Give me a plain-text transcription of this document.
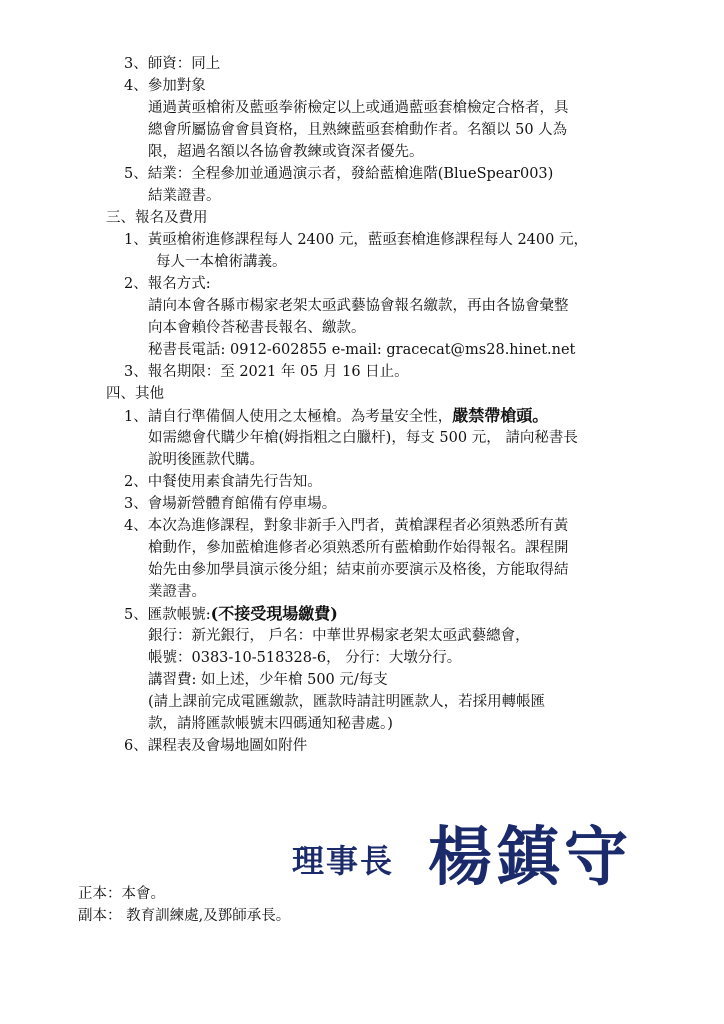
3、師資：同上
4、參加對象
通過黃亟槍術及藍亟拳術檢定以上或通過藍亟套槍檢定合格者，具
總會所屬協會會員資格，且熟練藍亟套槍動作者。名額以 50 人為
限，超過名額以各協會教練或資深者優先。
5、結業：全程參加並通過演示者，發給藍槍進階(BlueSpear003)
結業證書。
三、報名及費用
1、黃亟槍術進修課程每人 2400 元，藍亟套槍進修課程每人 2400 元，
每人一本槍術講義。
2、報名方式:
請向本會各縣市楊家老架太亟武藝協會報名繳款，再由各協會彙整
向本會賴伶荅秘書長報名、繳款。
秘書長電話: 0912-602855 e-mail: gracecat@ms28.hinet.net
3、報名期限：至 2021 年 05 月 16 日止。
四、其他
1、請自行準備個人使用之太極槍。為考量安全性，嚴禁帶槍頭。
如需總會代購少年槍(姆指粗之白臘杆)，每支 500 元， 請向秘書長
說明後匯款代購。
2、中餐使用素食請先行告知。
3、會場新營體育館備有停車場。
4、本次為進修課程，對象非新手入門者，黃槍課程者必須熟悉所有黃
槍動作，參加藍槍進修者必須熟悉所有藍槍動作始得報名。課程開
始先由參加學員演示後分組；結束前亦要演示及格後，方能取得結
業證書。
5、匯款帳號:(不接受現場繳費)
銀行：新光銀行， 戶名：中華世界楊家老架太亟武藝總會，
帳號：0383-10-518328-6， 分行：大墩分行。
講習費: 如上述，少年槍 500 元/每支
(請上課前完成電匯繳款，匯款時請註明匯款人，若採用轉帳匯
款，請將匯款帳號末四碼通知秘書處。)
6、課程表及會場地圖如附件
理事長 楊鎮守
正本：本會。
副本： 教育訓練處,及鄧師承長。
